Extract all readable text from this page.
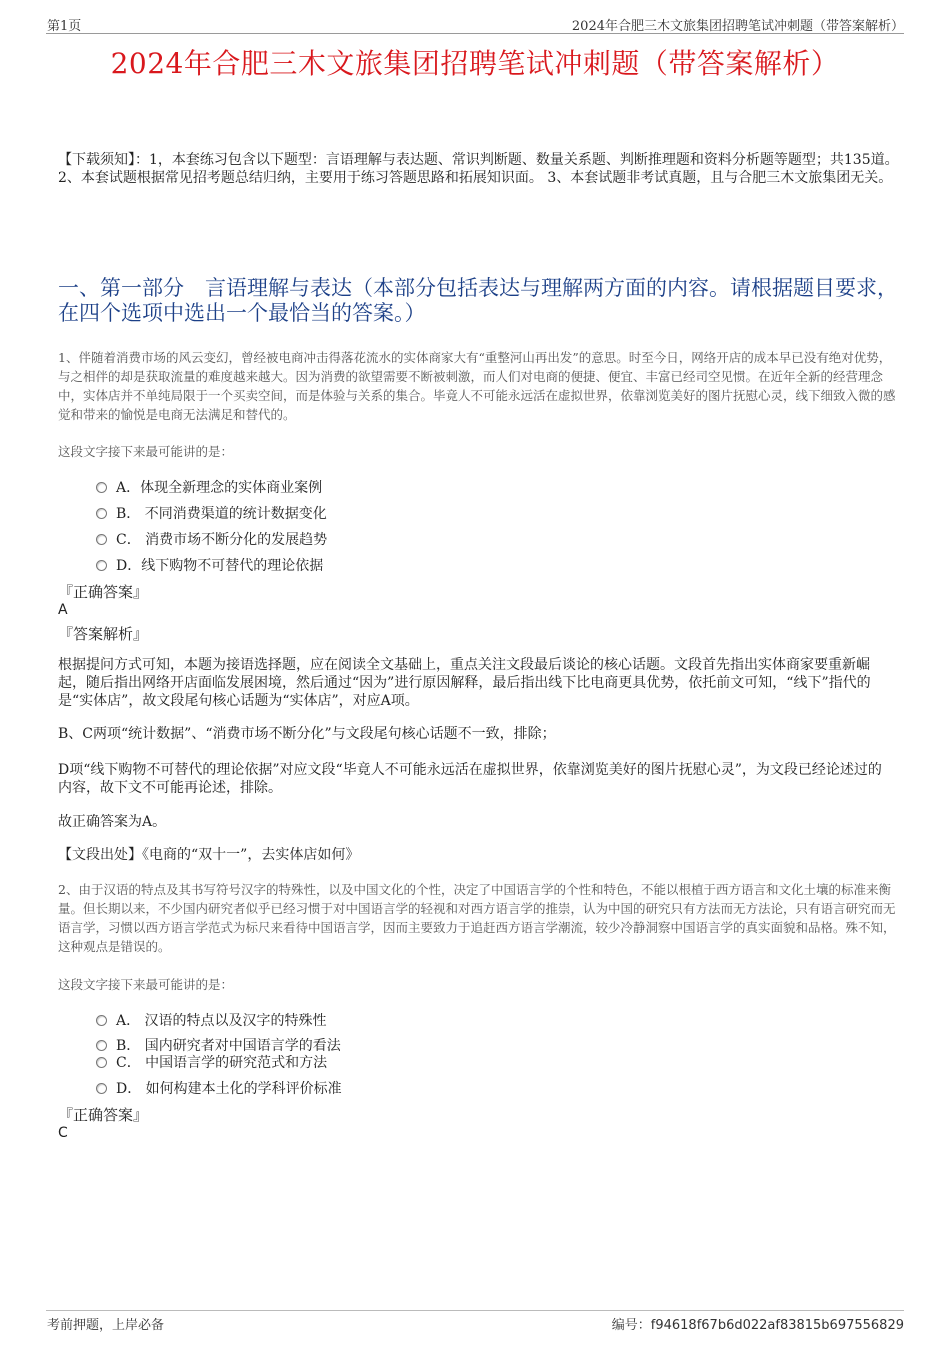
第1页	2024年合肥三木文旅集团招聘笔试冲刺题（带答案解析）
2024年合肥三木文旅集团招聘笔试冲刺题（带答案解析）
【下载须知】：1，本套练习包含以下题型：言语理解与表达题、常识判断题、数量关系题、判断推理题和资料分析题等题型；共135道。 2、本套试题根据常见招考题总结归纳，主要用于练习答题思路和拓展知识面。 3、本套试题非考试真题，且与合肥三木文旅集团无关。
一、第一部分　言语理解与表达（本部分包括表达与理解两方面的内容。请根据题目要求，在四个选项中选出一个最恰当的答案。）
1、伴随着消费市场的风云变幻，曾经被电商冲击得落花流水的实体商家大有“重整河山再出发”的意思。时至今日，网络开店的成本早已没有绝对优势，与之相伴的却是获取流量的难度越来越大。因为消费的欲望需要不断被刺激，而人们对电商的便捷、便宜、丰富已经司空见惯。在近年全新的经营理念中，实体店并不单纯局限于一个买卖空间，而是体验与关系的集合。毕竟人不可能永远活在虚拟世界，依靠浏览美好的图片抚慰心灵，线下细致入微的感觉和带来的愉悦是电商无法满足和替代的。
这段文字接下来最可能讲的是：
A．体现全新理念的实体商业案例
B． 不同消费渠道的统计数据变化
C． 消费市场不断分化的发展趋势
D．线下购物不可替代的理论依据
『正确答案』
A
『答案解析』
根据提问方式可知，本题为接语选择题，应在阅读全文基础上，重点关注文段最后谈论的核心话题。文段首先指出实体商家要重新崛起，随后指出网络开店面临发展困境，然后通过“因为”进行原因解释，最后指出线下比电商更具优势，依托前文可知，“线下”指代的是“实体店”，故文段尾句核心话题为“实体店”，对应A项。
B、C两项“统计数据”、“消费市场不断分化”与文段尾句核心话题不一致，排除；
D项“线下购物不可替代的理论依据”对应文段“毕竟人不可能永远活在虚拟世界，依靠浏览美好的图片抚慰心灵”，为文段已经论述过的内容，故下文不可能再论述，排除。
故正确答案为A。
【文段出处】《电商的“双十一”，去实体店如何》
2、由于汉语的特点及其书写符号汉字的特殊性，以及中国文化的个性，决定了中国语言学的个性和特色，不能以根植于西方语言和文化土壤的标准来衡量。但长期以来，不少国内研究者似乎已经习惯于对中国语言学的轻视和对西方语言学的推崇，认为中国的研究只有方法而无方法论，只有语言研究而无语言学，习惯以西方语言学范式为标尺来看待中国语言学，因而主要致力于追赶西方语言学潮流，较少冷静洞察中国语言学的真实面貌和品格。殊不知，这种观点是错误的。
这段文字接下来最可能讲的是：
A． 汉语的特点以及汉字的特殊性
B． 国内研究者对中国语言学的看法
C． 中国语言学的研究范式和方法
D． 如何构建本土化的学科评价标准
『正确答案』
C
考前押题，上岸必备	编号：f94618f67b6d022af83815b697556829
